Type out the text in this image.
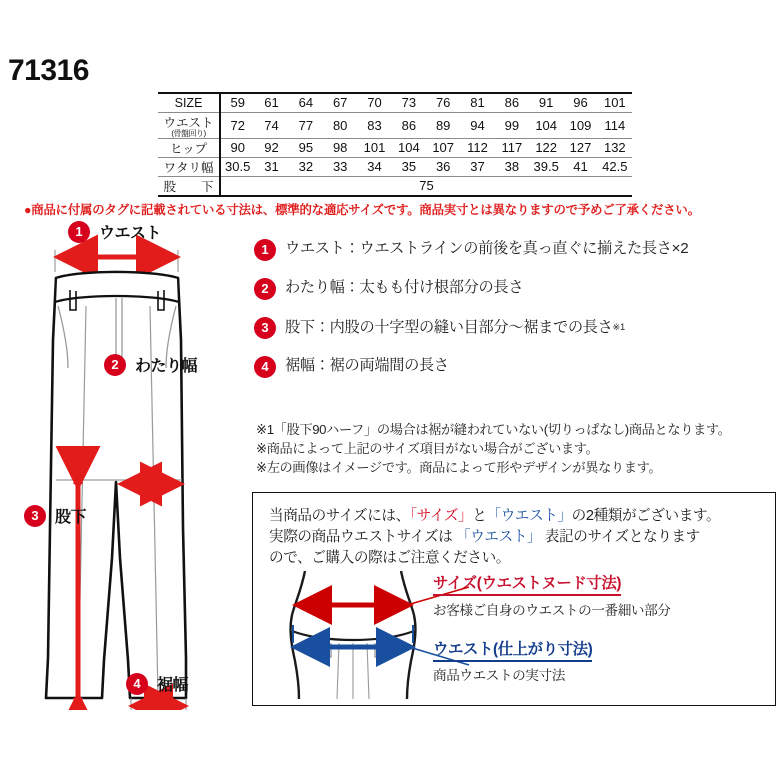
71316
SIZE	59	61	64	67	70	73	76	81	86	91	96	101
ウエスト
(骨盤回り)	72	74	77	80	83	86	89	94	99	104	109	114
ヒップ	90	92	95	98	101	104	107	112	117	122	127	132
ワタリ幅	30.5	31	32	33	34	35	36	37	38	39.5	41	42.5
股　　下	75											
●商品に付属のタグに記載されている寸法は、標準的な適応サイズです。商品実寸とは異なりますので予めご了承ください。
1	ウエスト
2	わたり幅
3	股下
4	裾幅
1	ウエスト：ウエストラインの前後を真っ直ぐに揃えた長さ×2
2	わたり幅：太もも付け根部分の長さ
3	股下：内股の十字型の縫い目部分〜裾までの長さ$^{※1}$
4	裾幅：裾の両端間の長さ
※1「股下90ハーフ」の場合は裾が縫われていない(切りっぱなし)商品となります。
※商品によって上記のサイズ項目がない場合がございます。
※左の画像はイメージです。商品によって形やデザインが異なります。
当商品のサイズには、「サイズ」と「ウエスト」の2種類がございます。
実際の商品ウエストサイズは 「ウエスト」 表記のサイズとなります
ので、ご購入の際はご注意ください。
サイズ(ウエストヌード寸法)
お客様ご自身のウエストの一番細い部分
ウエスト(仕上がり寸法)
商品ウエストの実寸法
